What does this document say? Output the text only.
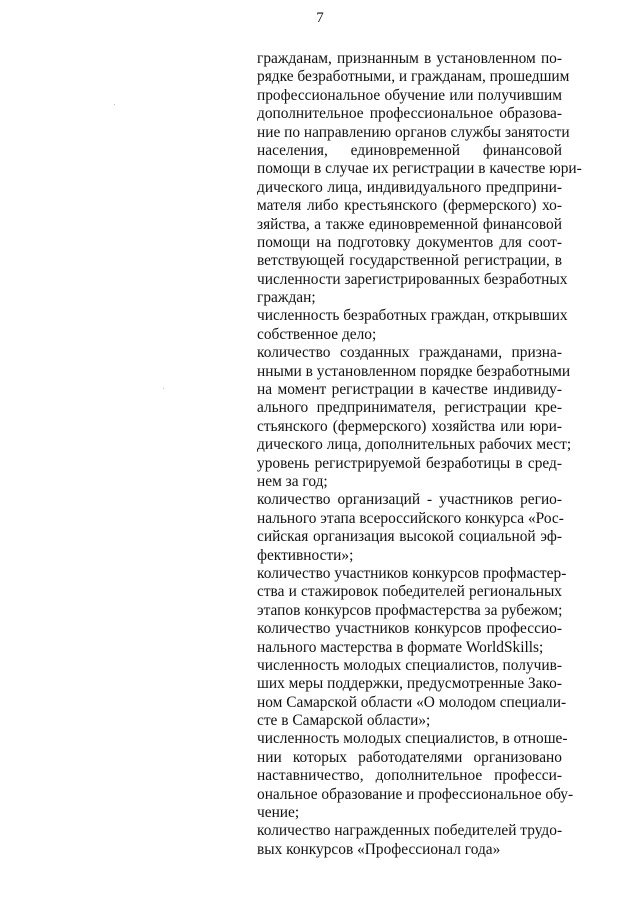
7
гражданам, признанным в установленном по-
рядке безработными, и гражданам, прошедшим
профессиональное обучение или получившим
дополнительное профессиональное образова-
ние по направлению органов службы занятости
населения, единовременной финансовой
помощи в случае их регистрации в качестве юри-
дического лица, индивидуального предприни-
мателя либо крестьянского (фермерского) хо-
зяйства, а также единовременной финансовой
помощи на подготовку документов для соот-
ветствующей государственной регистрации, в
численности зарегистрированных безработных
граждан;
численность безработных граждан, открывших
собственное дело;
количество созданных гражданами, призна-
нными в установленном порядке безработными
на момент регистрации в качестве индивиду-
ального предпринимателя, регистрации кре-
стьянского (фермерского) хозяйства или юри-
дического лица, дополнительных рабочих мест;
уровень регистрируемой безработицы в сред-
нем за год;
количество организаций - участников регио-
нального этапа всероссийского конкурса «Рос-
сийская организация высокой социальной эф-
фективности»;
количество участников конкурсов профмастер-
ства и стажировок победителей региональных
этапов конкурсов профмастерства за рубежом;
количество участников конкурсов профессио-
нального мастерства в формате WorldSkills;
численность молодых специалистов, получив-
ших меры поддержки, предусмотренные Зако-
ном Самарской области «О молодом специали-
сте в Самарской области»;
численность молодых специалистов, в отноше-
нии которых работодателями организовано
наставничество, дополнительное професси-
ональное образование и профессиональное обу-
чение;
количество награжденных победителей трудо-
вых конкурсов «Профессионал года»
